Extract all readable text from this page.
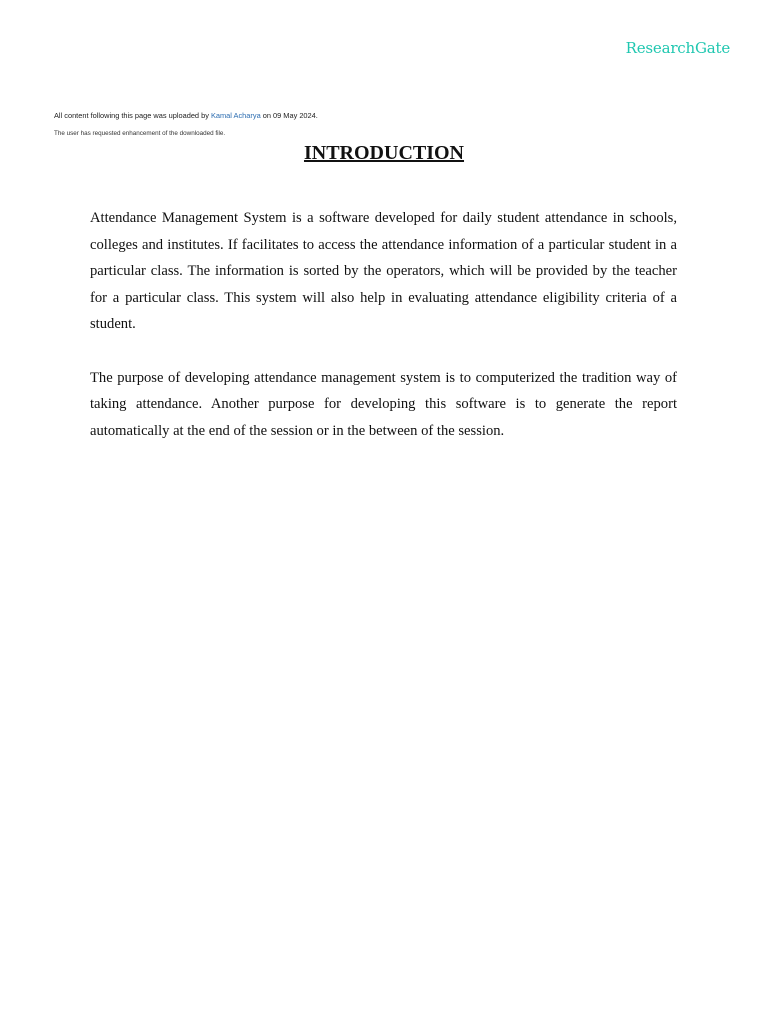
ResearchGate
All content following this page was uploaded by Kamal Acharya on 09 May 2024.
The user has requested enhancement of the downloaded file.
INTRODUCTION

Attendance Management System is a software developed for daily student attendance in schools, colleges and institutes. If facilitates to access the attendance information of a particular student in a particular class. The information is sorted by the operators, which will be provided by the teacher for a particular class. This system will also help in evaluating attendance eligibility criteria of a student.

The purpose of developing attendance management system is to computerized the tradition way of taking attendance. Another purpose for developing this software is to generate the report automatically at the end of the session or in the between of the session.
